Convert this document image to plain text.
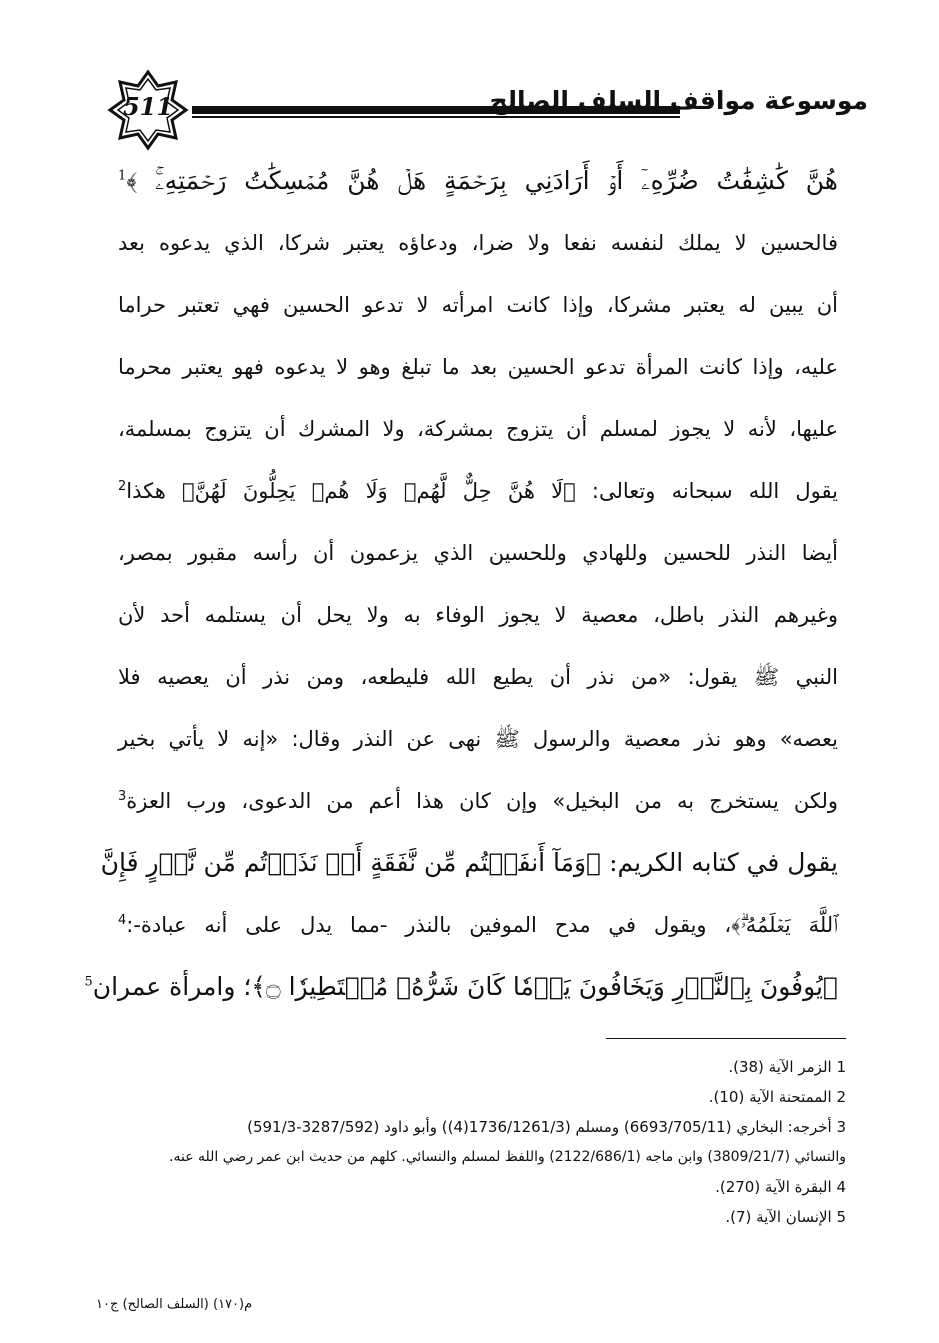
511	موسوعة مواقف السلف الصالح
هُنَّ كَٰشِفَٰتُ ضُرِّهِۦٓ أَوۡ أَرَادَنِي بِرَحۡمَةٍ هَلۡ هُنَّ مُمۡسِكَٰتُ رَحۡمَتِهِۦۚ ﴾$^1$
فالحسين لا يملك لنفسه نفعا ولا ضرا، ودعاؤه يعتبر شركا، الذي يدعوه بعد
أن يبين له يعتبر مشركا، وإذا كانت امرأته لا تدعو الحسين فهي تعتبر حراما
عليه، وإذا كانت المرأة تدعو الحسين بعد ما تبلغ وهو لا يدعوه فهو يعتبر محرما
عليها، لأنه لا يجوز لمسلم أن يتزوج بمشركة، ولا المشرك أن يتزوج بمسلمة،
يقول الله سبحانه وتعالى: ﴿لَا هُنَّ حِلٌّ لَّهُمۡ وَلَا هُمۡ يَحِلُّونَ لَهُنَّ﴾ هكذا$^2$
أيضا النذر للحسين وللهادي وللحسين الذي يزعمون أن رأسه مقبور بمصر،
وغيرهم النذر باطل، معصية لا يجوز الوفاء به ولا يحل أن يستلمه أحد لأن
النبي ﷺ يقول: «من نذر أن يطيع الله فليطعه، ومن نذر أن يعصيه فلا
يعصه» وهو نذر معصية والرسول ﷺ نهى عن النذر وقال: «إنه لا يأتي بخير
ولكن يستخرج به من البخيل» وإن كان هذا أعم من الدعوى، ورب العزة$^3$
يقول في كتابه الكريم: ﴿وَمَآ أَنفَقۡتُم مِّن نَّفَقَةٍ أَوۡ نَذَرۡتُم مِّن نَّذۡرٍ فَإِنَّ
ٱللَّهَ يَعۡلَمُهُۥۗ﴾، ويقول في مدح الموفين بالنذر -مما يدل على أنه عبادة-:$^4$
﴿يُوفُونَ بِٱلنَّذۡرِ وَيَخَافُونَ يَوۡمٗا كَانَ شَرُّهُۥ مُسۡتَطِيرٗا ۝﴾؛ وامرأة عمران$^5$
1 الزمر الآية (38).
2 الممتحنة الآية (10).
3 أخرجه: البخاري (6693/705/11) ومسلم (1736/1261/3(4)) وأبو داود (3287/592-591/3)
والنسائي (3809/21/7) وابن ماجه (2122/686/1) واللفظ لمسلم والنسائي. كلهم من حديث ابن عمر رضي الله عنه.
4 البقرة الآية (270).
5 الإنسان الآية (7).
م(١٧٠) (السلف الصالح) ج١٠
